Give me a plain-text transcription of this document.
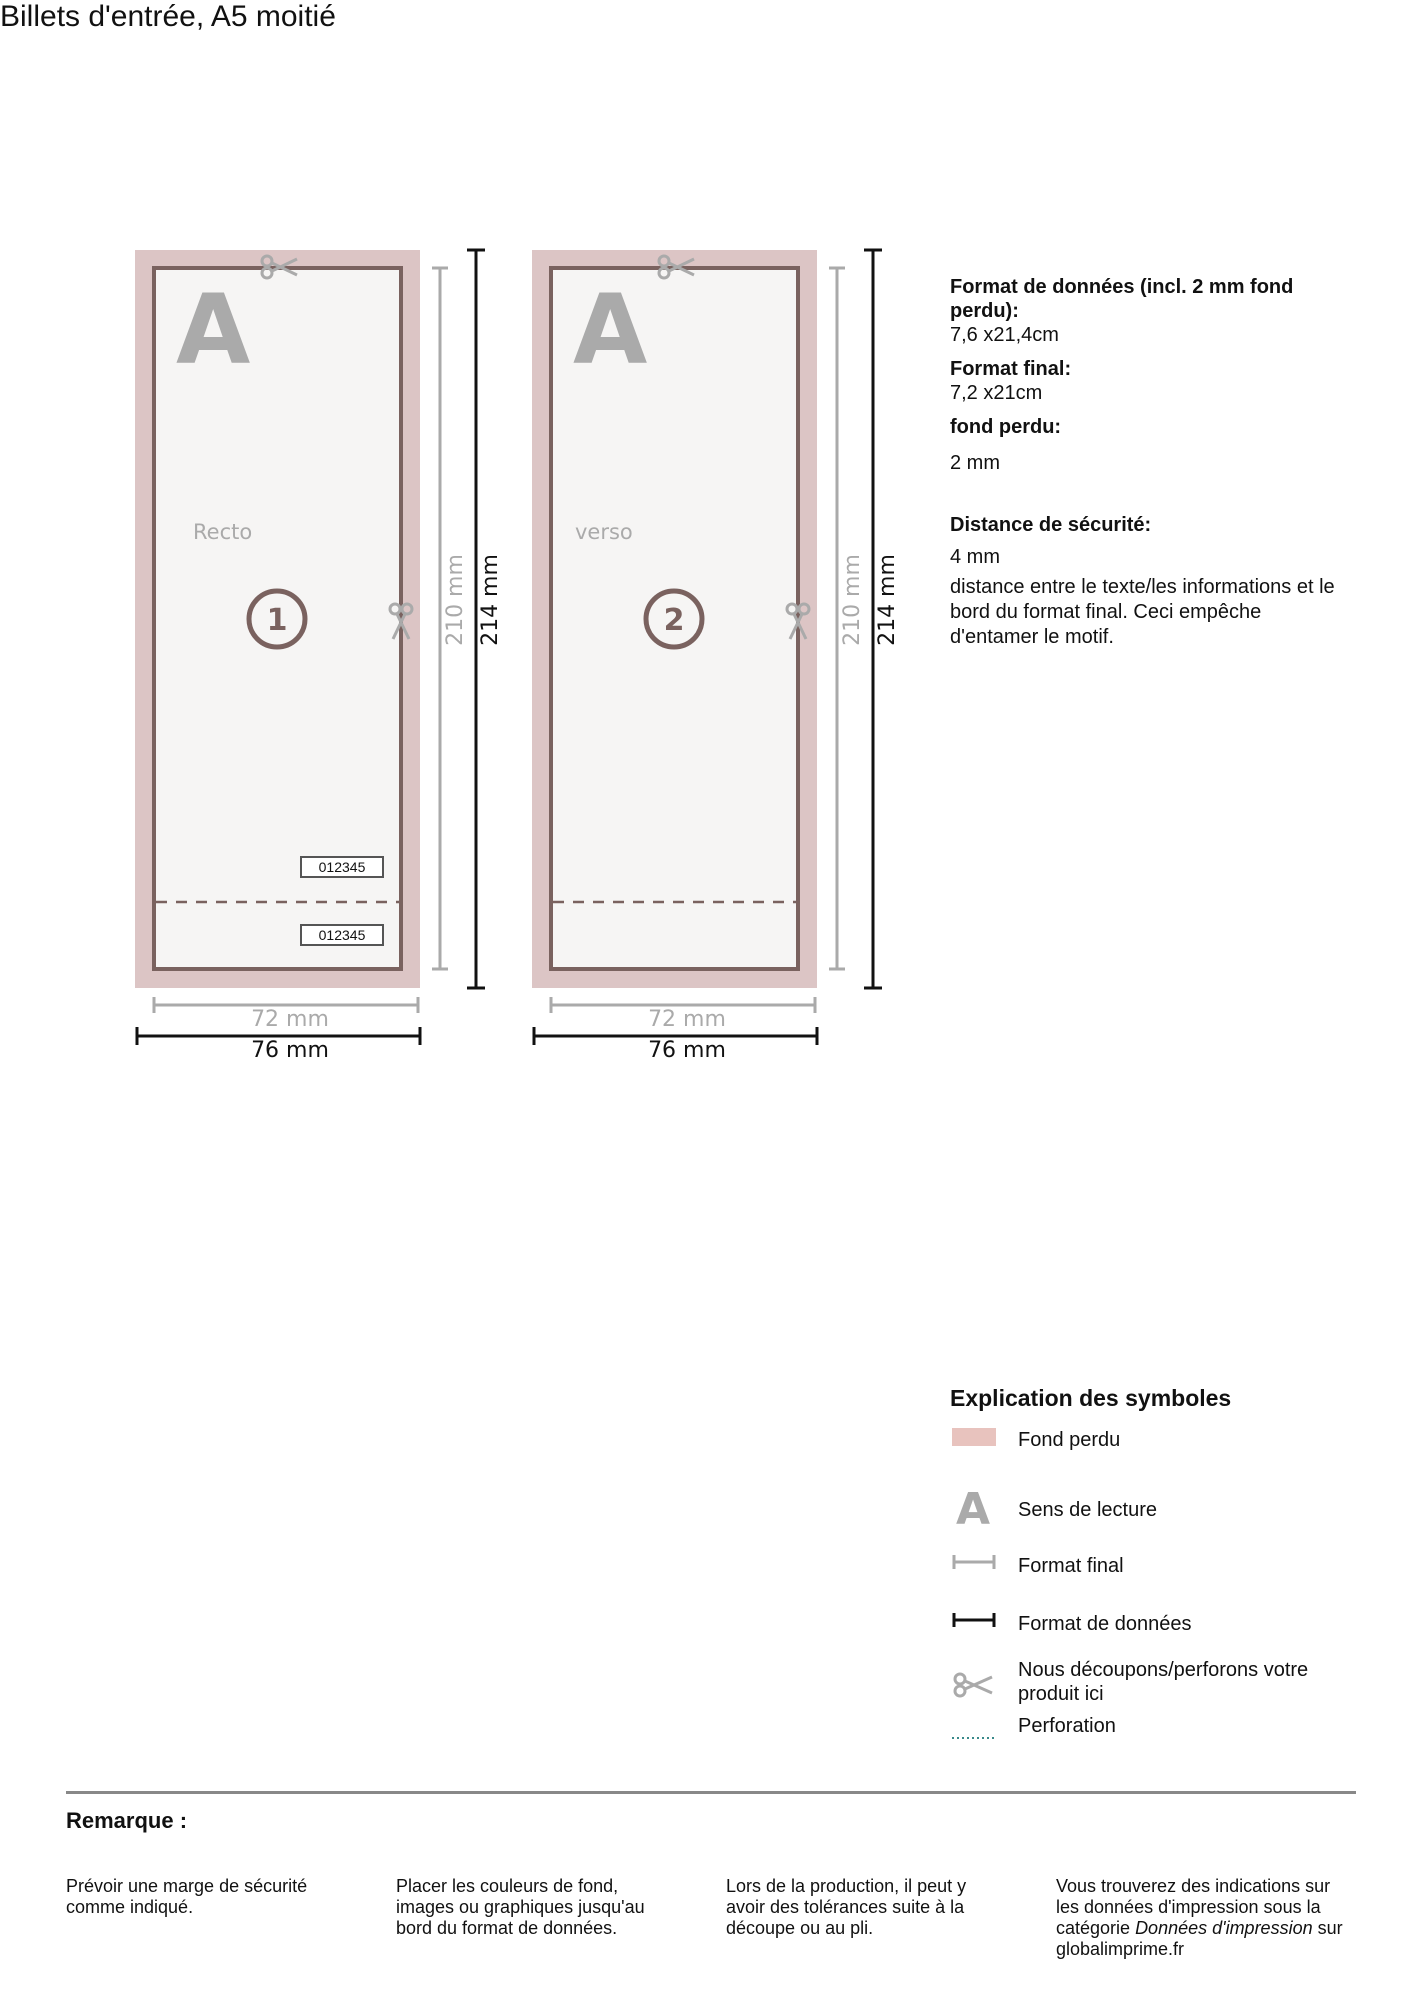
Billets d'entrée, A5 moitié
A
Recto
1
012345
012345
210 mm 214 mm
72 mm
76 mm
A
verso
2	210 mm 214 mm
72 mm
76 mm
Format de données (incl. 2 mm fond perdu):
7,6 x21,4cm
Format final:
7,2 x21cm
fond perdu:
2 mm
Distance de sécurité:
4 mm
distance entre le texte/les informations et le bord du format final. Ceci empêche d'entamer le motif.
Explication des symboles
Fond perdu
A Sens de lecture
Format final
Format de données
Nous découpons/perforons votre produit ici
Perforation
Remarque :
Prévoir une marge de sécurité comme indiqué.
Placer les couleurs de fond, images ou graphiques jusqu'au bord du format de données.
Lors de la production, il peut y avoir des tolérances suite à la découpe ou au pli.
Vous trouverez des indications sur les données d'impression sous la catégorie Données d'impression sur globalimprime.fr
